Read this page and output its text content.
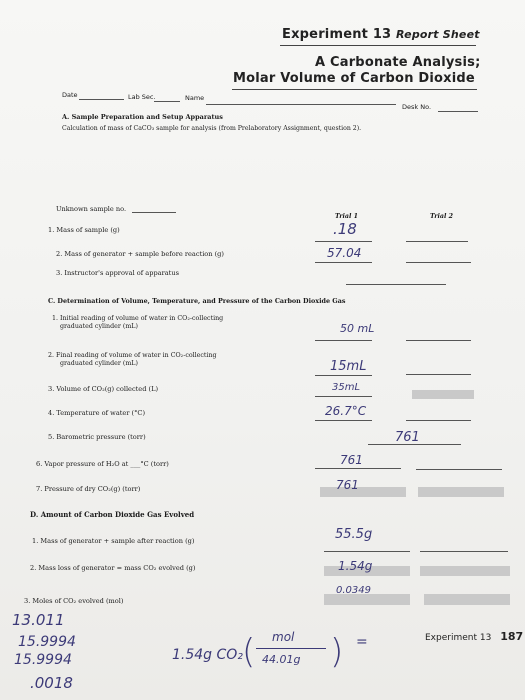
Experiment 13 Report Sheet
A Carbonate Analysis;
Molar Volume of Carbon Dioxide
Date	Lab Sec.	Name
Desk No.
A. Sample Preparation and Setup Apparatus
Calculation of mass of CaCO₃ sample for analysis (from Prelaboratory Assignment, question 2).
Unknown sample no.
Trial 1	Trial 2
1. Mass of sample (g)	.18
2. Mass of generator + sample before reaction (g)	57.04
3. Instructor's approval of apparatus
C. Determination of Volume, Temperature, and Pressure of the Carbon Dioxide Gas
1. Initial reading of volume of water in CO₂-collecting
graduated cylinder (mL)	50 mL
2. Final reading of volume of water in CO₂-collecting
graduated cylinder (mL)	15mL
3. Volume of CO₂(g) collected (L)	35mL
4. Temperature of water (°C)	26.7°C
5. Barometric pressure (torr)	761
6. Vapor pressure of H₂O at ___°C (torr)	761
7. Pressure of dry CO₂(g) (torr)	761
D. Amount of Carbon Dioxide Gas Evolved
1. Mass of generator + sample after reaction (g)	55.5g
2. Mass loss of generator = mass CO₂ evolved (g)	1.54g
3. Moles of CO₂ evolved (mol)
0.0349
13.011
15.9994
15.9994
.0018
1.54g CO₂ ( mol
44.01g ) =	Experiment 13 187
